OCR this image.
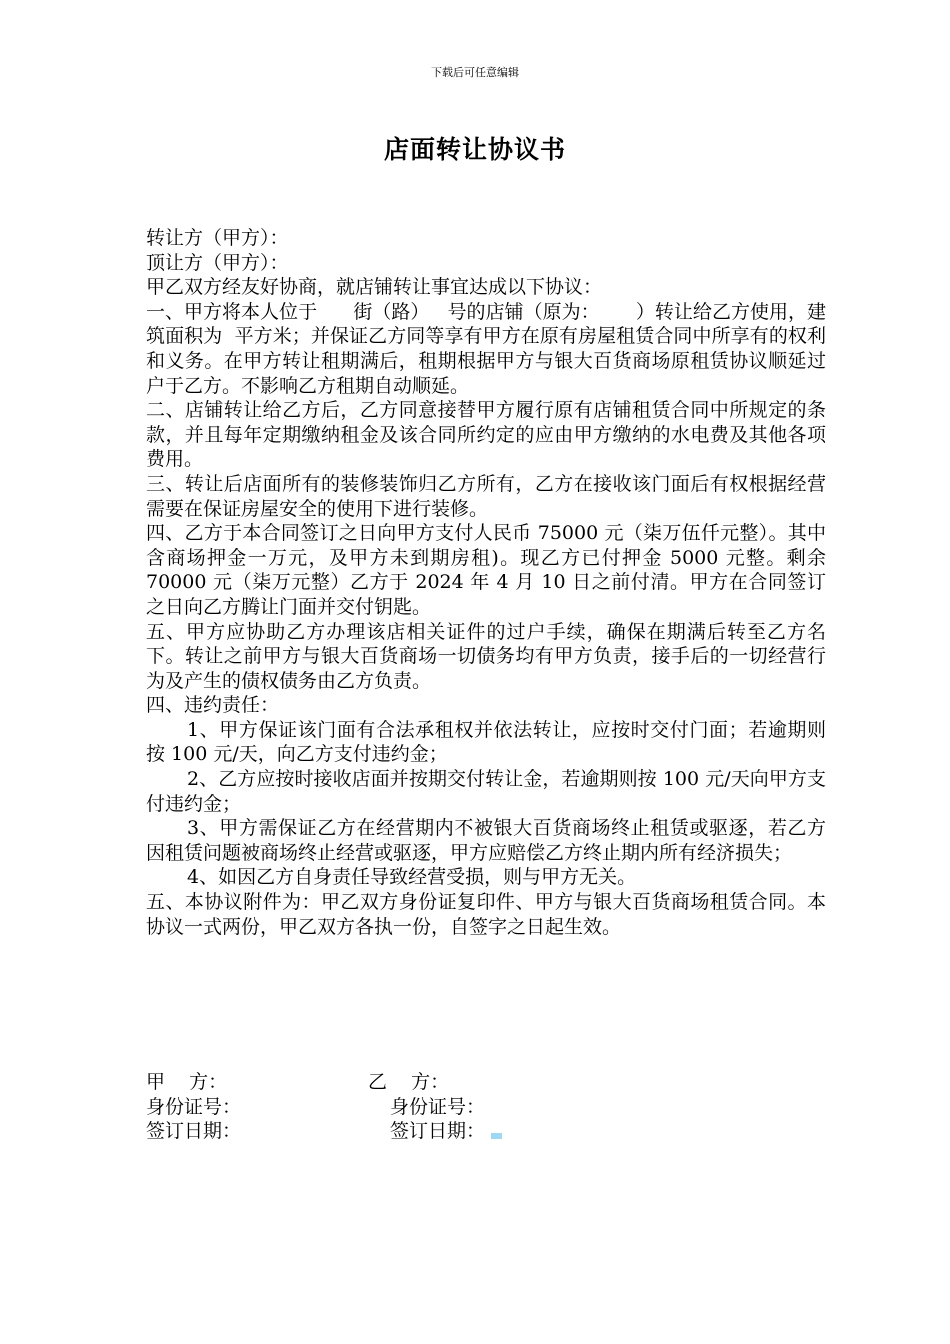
下载后可任意编辑
店面转让协议书

转让方（甲方）：

顶让方（甲方）：

甲乙双方经友好协商，就店铺转让事宜达成以下协议：

一、甲方将本人位于      街（路）   号的店铺（原为：      ）转让给乙方使用，建筑面积为  平方米；并保证乙方同等享有甲方在原有房屋租赁合同中所享有的权利和义务。在甲方转让租期满后，租期根据甲方与银大百货商场原租赁协议顺延过户于乙方。不影响乙方租期自动顺延。

二、店铺转让给乙方后，乙方同意接替甲方履行原有店铺租赁合同中所规定的条款，并且每年定期缴纳租金及该合同所约定的应由甲方缴纳的水电费及其他各项费用。

三、转让后店面所有的装修装饰归乙方所有，乙方在接收该门面后有权根据经营需要在保证房屋安全的使用下进行装修。

四、乙方于本合同签订之日向甲方支付人民币 75000 元（柒万伍仟元整）。其中含商场押金一万元，及甲方未到期房租)。现乙方已付押金 5000 元整。剩余 70000 元（柒万元整）乙方于 2024 年 4 月 10 日之前付清。甲方在合同签订之日向乙方腾让门面并交付钥匙。

五、甲方应协助乙方办理该店相关证件的过户手续，确保在期满后转至乙方名下。转让之前甲方与银大百货商场一切债务均有甲方负责，接手后的一切经营行为及产生的债权债务由乙方负责。

四、违约责任：

1、甲方保证该门面有合法承租权并依法转让，应按时交付门面；若逾期则按 100 元/天，向乙方支付违约金；

2、乙方应按时接收店面并按期交付转让金，若逾期则按 100 元/天向甲方支付违约金；

3、甲方需保证乙方在经营期内不被银大百货商场终止租赁或驱逐，若乙方因租赁问题被商场终止经营或驱逐，甲方应赔偿乙方终止期内所有经济损失；

4、如因乙方自身责任导致经营受损，则与甲方无关。

五、本协议附件为：甲乙双方身份证复印件、甲方与银大百货商场租赁合同。本协议一式两份，甲乙双方各执一份，自签字之日起生效。

甲    方：

	乙    方：

身份证号：

	身份证号：

签订日期：

	签订日期：
